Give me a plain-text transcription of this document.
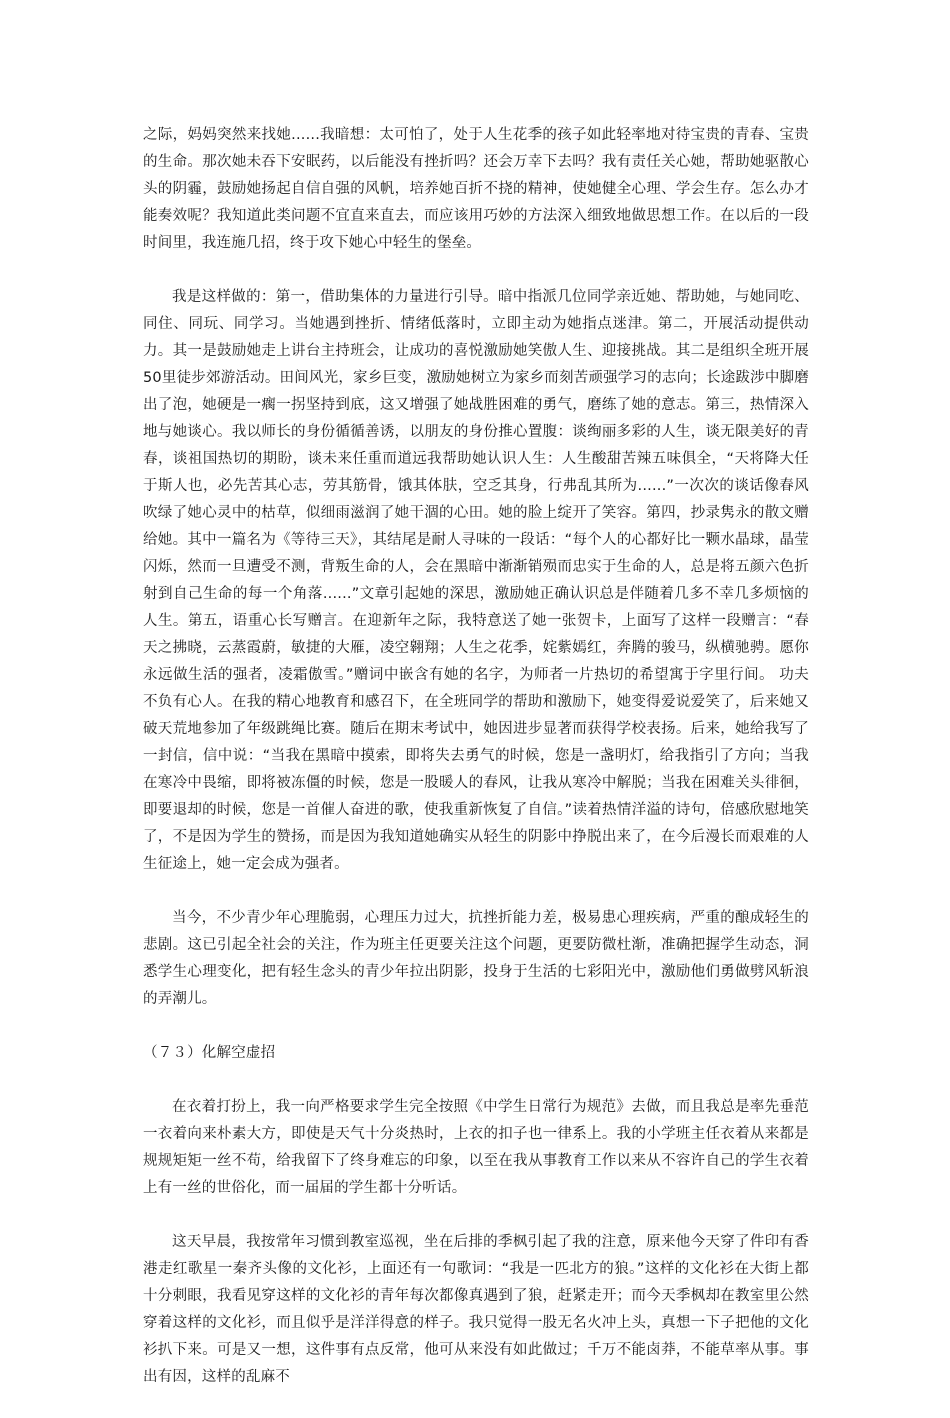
之际，妈妈突然来找她......我暗想：太可怕了，处于人生花季的孩子如此轻率地对待宝贵的青春、宝贵的生命。那次她未吞下安眠药，以后能没有挫折吗？还会万幸下去吗？我有责任关心她，帮助她驱散心头的阴霾，鼓励她扬起自信自强的风帆，培养她百折不挠的精神，使她健全心理、学会生存。怎么办才能奏效呢？我知道此类问题不宜直来直去，而应该用巧妙的方法深入细致地做思想工作。在以后的一段时间里，我连施几招，终于攻下她心中轻生的堡垒。

我是这样做的：第一，借助集体的力量进行引导。暗中指派几位同学亲近她、帮助她，与她同吃、同住、同玩、同学习。当她遇到挫折、情绪低落时，立即主动为她指点迷津。第二，开展活动提供动力。其一是鼓励她走上讲台主持班会，让成功的喜悦激励她笑傲人生、迎接挑战。其二是组织全班开展50里徒步郊游活动。田间风光，家乡巨变，激励她树立为家乡而刻苦顽强学习的志向；长途跋涉中脚磨出了泡，她硬是一瘸一拐坚持到底，这又增强了她战胜困难的勇气，磨练了她的意志。第三，热情深入地与她谈心。我以师长的身份循循善诱，以朋友的身份推心置腹：谈绚丽多彩的人生，谈无限美好的青春，谈祖国热切的期盼，谈未来任重而道远我帮助她认识人生：人生酸甜苦辣五味俱全，“天将降大任于斯人也，必先苦其心志，劳其筋骨，饿其体肤，空乏其身，行弗乱其所为......”一次次的谈话像春风吹绿了她心灵中的枯草，似细雨滋润了她干涸的心田。她的脸上绽开了笑容。第四，抄录隽永的散文赠给她。其中一篇名为《等待三天》，其结尾是耐人寻味的一段话：“每个人的心都好比一颗水晶球，晶莹闪烁，然而一旦遭受不测，背叛生命的人，会在黑暗中渐渐销殒而忠实于生命的人，总是将五颜六色折射到自己生命的每一个角落......”文章引起她的深思，激励她正确认识总是伴随着几多不幸几多烦恼的人生。第五，语重心长写赠言。在迎新年之际，我特意送了她一张贺卡，上面写了这样一段赠言：“春天之拂晓，云蒸霞蔚，敏捷的大雁，凌空翱翔；人生之花季，姹紫嫣红，奔腾的骏马，纵横驰骋。愿你永远做生活的强者，凌霜傲雪。”赠词中嵌含有她的名字，为师者一片热切的希望寓于字里行间。 功夫不负有心人。在我的精心地教育和感召下，在全班同学的帮助和激励下，她变得爱说爱笑了，后来她又破天荒地参加了年级跳绳比赛。随后在期末考试中，她因进步显著而获得学校表扬。后来，她给我写了一封信，信中说：“当我在黑暗中摸索，即将失去勇气的时候，您是一盏明灯，给我指引了方向；当我在寒冷中畏缩，即将被冻僵的时候，您是一股暖人的春风，让我从寒冷中解脱；当我在困难关头徘徊，即要退却的时候，您是一首催人奋进的歌，使我重新恢复了自信。”读着热情洋溢的诗句，倍感欣慰地笑了，不是因为学生的赞扬，而是因为我知道她确实从轻生的阴影中挣脱出来了，在今后漫长而艰难的人生征途上，她一定会成为强者。

当今，不少青少年心理脆弱，心理压力过大，抗挫折能力差，极易患心理疾病，严重的酿成轻生的悲剧。这已引起全社会的关注，作为班主任更要关注这个问题，更要防微杜渐，准确把握学生动态，洞悉学生心理变化，把有轻生念头的青少年拉出阴影，投身于生活的七彩阳光中，激励他们勇做劈风斩浪的弄潮儿。

（７３）化解空虚招

在衣着打扮上，我一向严格要求学生完全按照《中学生日常行为规范》去做，而且我总是率先垂范一衣着向来朴素大方，即使是天气十分炎热时，上衣的扣子也一律系上。我的小学班主任衣着从来都是规规矩矩一丝不苟，给我留下了终身难忘的印象，以至在我从事教育工作以来从不容许自己的学生衣着上有一丝的世俗化，而一届届的学生都十分听话。

这天早晨，我按常年习惯到教室巡视，坐在后排的季枫引起了我的注意，原来他今天穿了件印有香港走红歌星一秦齐头像的文化衫，上面还有一句歌词：“我是一匹北方的狼。”这样的文化衫在大街上都十分刺眼，我看见穿这样的文化衫的青年每次都像真遇到了狼，赶紧走开；而今天季枫却在教室里公然穿着这样的文化衫，而且似乎是洋洋得意的样子。我只觉得一股无名火冲上头，真想一下子把他的文化衫扒下来。可是又一想，这件事有点反常，他可从来没有如此做过；千万不能卤莽，不能草率从事。事出有因，这样的乱麻不
